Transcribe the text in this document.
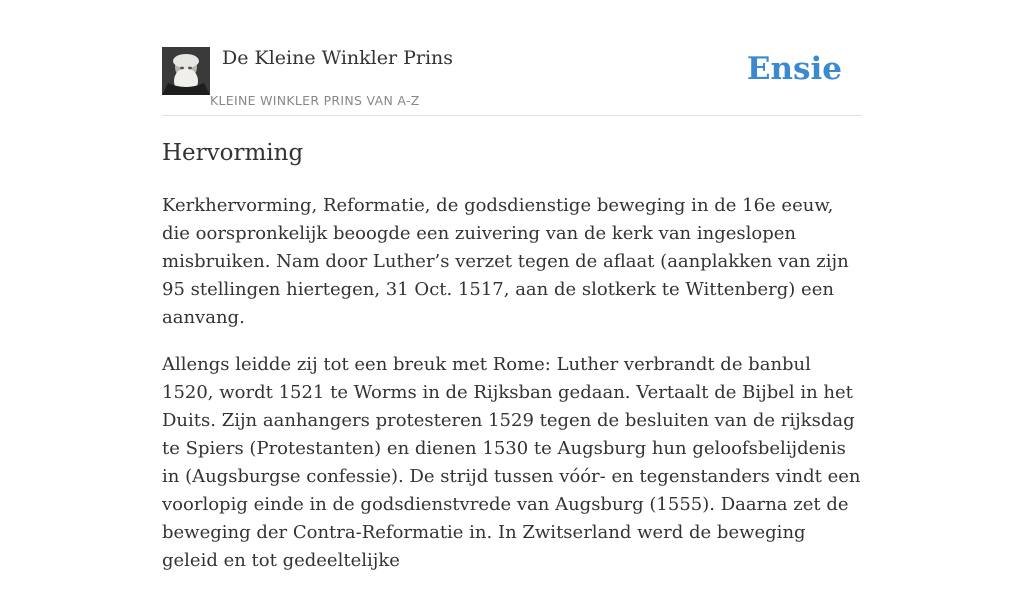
De Kleine Winkler Prins
KLEINE WINKLER PRINS VAN A-Z
Ensie
Hervorming

Kerkhervorming, Reformatie, de godsdienstige beweging in de 16e eeuw, die oorspronkelijk beoogde een zuivering van de kerk van ingeslopen misbruiken. Nam door Luther’s verzet tegen de aflaat (aanplakken van zijn 95 stellingen hiertegen, 31 Oct. 1517, aan de slotkerk te Wittenberg) een aanvang.

Allengs leidde zij tot een breuk met Rome: Luther verbrandt de banbul 1520, wordt 1521 te Worms in de Rijksban gedaan. Vertaalt de Bijbel in het Duits. Zijn aanhangers protesteren 1529 tegen de besluiten van de rijksdag te Spiers (Protestanten) en dienen 1530 te Augsburg hun geloofsbelijdenis in (Augsburgse confessie). De strijd tussen vóór- en tegenstanders vindt een voorlopig einde in de godsdienstvrede van Augsburg (1555). Daarna zet de beweging der Contra-Reformatie in. In Zwitserland werd de beweging geleid en tot gedeeltelijke
